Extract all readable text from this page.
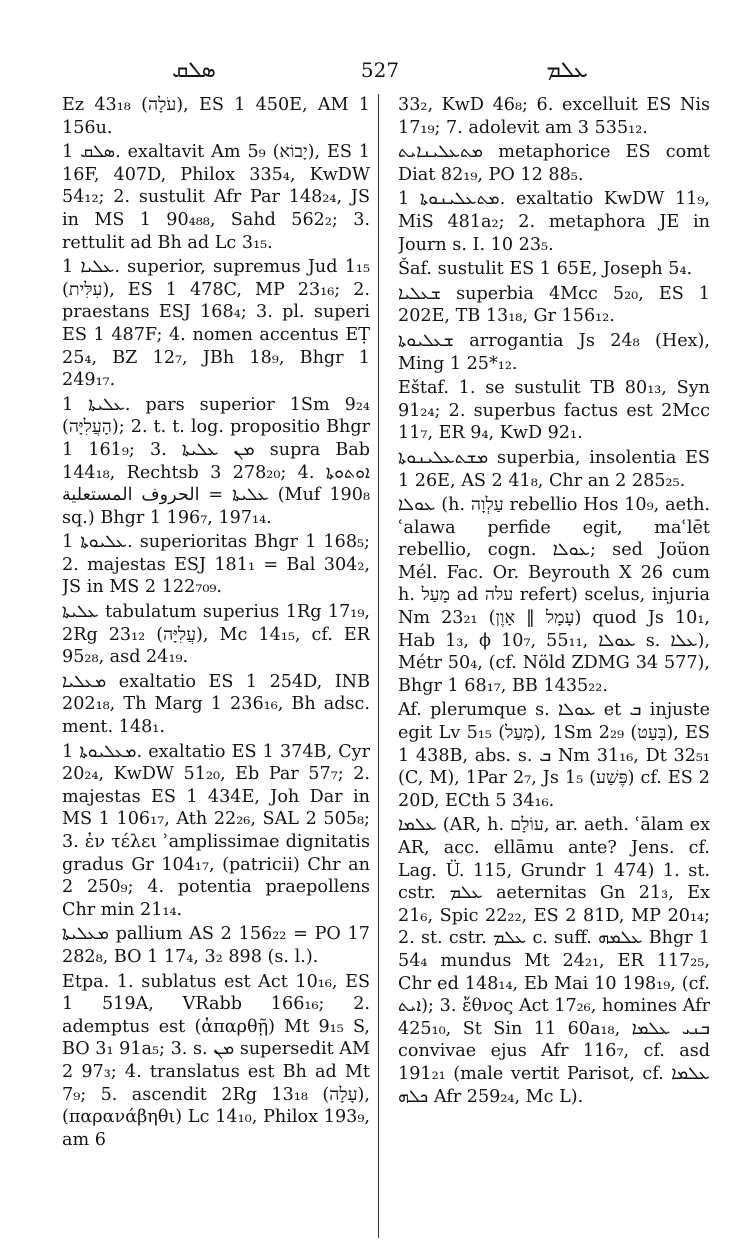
ܣܠܩ	527	ܥܠܡ

Ez 43₁₈ (עֹלָה), ES 1 450E, AM 1 156u.

ܣܠܩ 1. exaltavit Am 5₉ (יָבוֹא), ES 1 16F, 407D, Philox 335₄, KwDW 54₁₂; 2. sustulit Afr Par 148₂₄, JS in MS 1 90₄₈₈, Sahd 562₂; 3. rettulit ad Bh ad Lc 3₁₅.

ܥܠܝܐ 1. superior, supremus Jud 1₁₅ (עִלִּית), ES 1 478C, MP 23₁₆; 2. praestans ESJ 168₄; 3. pl. superi ES 1 487F; 4. nomen accentus EṬ 25₄, BZ 12₇, JBh 18₉, Bhgr 1 249₁₇.

ܥܠܝܬܐ 1. pars superior 1Sm 9₂₄ (הָעֲלִיָּה); 2. t. t. log. propositio Bhgr 1 161₉; 3. ܡܢ ܥܠܝܬܐ supra Bab 144₁₈, Rechtsb 3 278₂₀; 4. ܐܘܬܘܬܐ ܥܠܝܬܐ = الحروف المستعلية (Muf 190₈ sq.) Bhgr 1 196₇, 197₁₄.

ܥܠܝܘܬܐ 1. superioritas Bhgr 1 168₅; 2. majestas ESJ 181₁ = Bal 304₂, JS in MS 2 122₇₀₉.

ܥܠܝܬܐ tabulatum superius 1Rg 17₁₉, 2Rg 23₁₂ (עֲלִיָּה), Mc 14₁₅, cf. ER 95₂₈, asd 24₁₉.

ܡܥܠܝܐ exaltatio ES 1 254D, INB 202₁₈, Th Marg 1 236₁₆, Bh adsc. ment. 148₁.

ܡܥܠܝܘܬܐ 1. exaltatio ES 1 374B, Cyr 20₂₄, KwDW 51₂₀, Eb Par 57₇; 2. majestas ES 1 434E, Joh Dar in MS 1 106₁₇, Ath 22₂₆, SAL 2 505₈; 3. ἐν τέλει ʾamplissimae dignitatis gradus Gr 104₁₇, (patricii) Chr an 2 250₉; 4. potentia praepollens Chr min 21₁₄.

ܡܥܠܝܬܐ pallium AS 2 156₂₂ = PO 17 282₈, BO 1 17₄, 3₂ 898 (s. l.).

Etpa. 1. sublatus est Act 10₁₆, ES 1 519A, VRabb 166₁₆; 2. ademptus est (ἀπαρθῇ) Mt 9₁₅ S, BO 3₁ 91a₅; 3. s. ܡܢ supersedit AM 2 97₃; 4. translatus est Bh ad Mt 7₉; 5. ascendit 2Rg 13₁₈ (עָלָה), (παρανάβηθι) Lc 14₁₀, Philox 193₉, am 6

33₂, KwD 46₈; 6. excelluit ES Nis 17₁₉; 7. adolevit am 3 535₁₂.

ܡܬܥܠܝܢܐܝܬ metaphorice ES comt Diat 82₁₉, PO 12 88₅.

ܡܬܥܠܝܢܘܬܐ 1. exaltatio KwDW 11₉, MiS 481a₂; 2. metaphora JE in Journ s. I. 10 23₅.

Šaf. sustulit ES 1 65E, Joseph 5₄.

ܫܥܠܝܐ superbia 4Mcc 5₂₀, ES 1 202E, TB 13₁₈, Gr 156₁₂.

ܫܥܠܝܘܬܐ arrogantia Js 24₈ (Hex), Ming 1 25*₁₂.

Eštaf. 1. se sustulit TB 80₁₃, Syn 91₂₄; 2. superbus factus est 2Mcc 11₇, ER 9₄, KwD 92₁.

ܡܫܬܥܠܝܢܘܬܐ superbia, insolentia ES 1 26E, AS 2 41₈, Chr an 2 285₂₅.

ܥܘܠܐ (h. עַלְוָה rebellio Hos 10₉, aeth. ʿalawa perfide egit, maʿlēt rebellio, cogn. ܥܘܠܐ; sed Joüon Mél. Fac. Or. Beyrouth X 26 cum h. מָעַל ad עלה refert) scelus, injuria Nm 23₂₁ (עָמָל ‖ אָוֶן) quod Js 10₁, Hab 1₃, ϕ 10₇, 55₁₁, ܥܘܠܐ s. ܥܠܐ), Métr 50₄, (cf. Nöld ZDMG 34 577), Bhgr 1 68₁₇, BB 1435₂₂.

Af. plerumque s. ܥܘܠܐ et ܒ injuste egit Lv 5₁₅ (מָעַל), 1Sm 2₂₉ (בָּעַט), ES 1 438B, abs. s. ܒ Nm 31₁₆, Dt 32₅₁ (C, M), 1Par 2₇, Js 1₅ (פֶּשַׁע) cf. ES 2 20D, ECth 5 34₁₆.

ܥܠܡܐ (AR, h. עוֹלָם, ar. aeth. ʿālam ex AR, acc. ellāmu ante? Jens. cf. Lag. Ü. 115, Grundr 1 474) 1. st. cstr. ܥܠܡ aeternitas Gn 21₃, Ex 21₆, Spic 22₂₂, ES 2 81D, MP 20₁₄; 2. st. cstr. ܥܠܡ c. suff. ܥܠܡܗ Bhgr 1 54₄ mundus Mt 24₂₁, ER 117₂₅, Chr ed 148₁₄, Eb Mai 10 198₁₉, (cf. ܐܝܬ); 3. ἔθνος Act 17₂₆, homines Afr 425₁₀, St Sin 11 60a₁₈, ܒܢܝ ܥܠܡܐ convivae ejus Afr 116₇, cf. asd 191₂₁ (male vertit Parisot, cf. ܥܠܡܐ ܟܠܗ Afr 259₂₄, Mc L).
